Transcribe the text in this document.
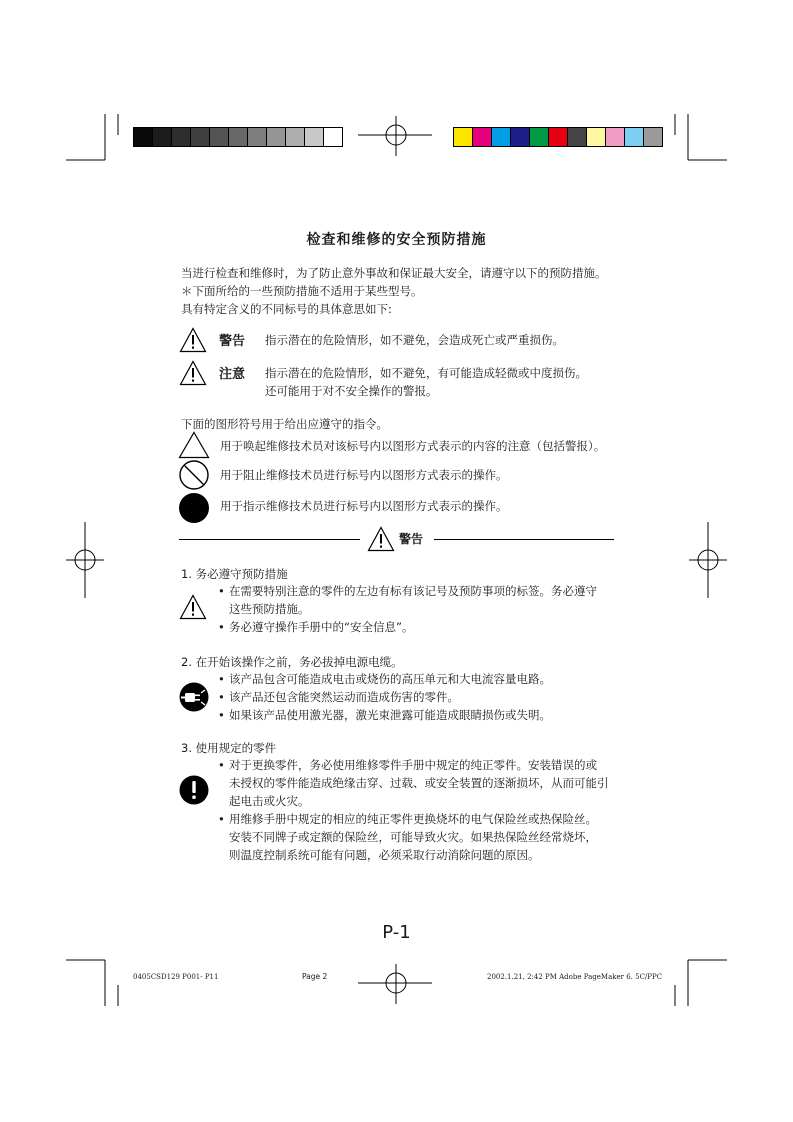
检查和维修的安全预防措施
当进行检查和维修时，为了防止意外事故和保证最大安全，请遵守以下的预防措施。
＊下面所给的一些预防措施不适用于某些型号。
具有特定含义的不同标号的具体意思如下:
警告 指示潜在的危险情形，如不避免，会造成死亡或严重损伤。
注意 指示潜在的危险情形，如不避免，有可能造成轻微或中度损伤。
还可能用于对不安全操作的警报。
下面的图形符号用于给出应遵守的指令。
用于唤起维修技术员对该标号内以图形方式表示的内容的注意（包括警报）。
用于阻止维修技术员进行标号内以图形方式表示的操作。
用于指示维修技术员进行标号内以图形方式表示的操作。
警告
1. 务必遵守预防措施
• 在需要特别注意的零件的左边有标有该记号及预防事项的标签。务必遵守
这些预防措施。
• 务必遵守操作手册中的“安全信息”。
2. 在开始该操作之前，务必拔掉电源电缆。
• 该产品包含可能造成电击或烧伤的高压单元和大电流容量电路。
• 该产品还包含能突然运动而造成伤害的零件。
• 如果该产品使用激光器，激光束泄露可能造成眼睛损伤或失明。
3. 使用规定的零件
• 对于更换零件，务必使用维修零件手册中规定的纯正零件。安装错误的或
未授权的零件能造成绝缘击穿、过载、或安全装置的逐渐损坏，从而可能引
起电击或火灾。
• 用维修手册中规定的相应的纯正零件更换烧坏的电气保险丝或热保险丝。
安装不同牌子或定额的保险丝，可能导致火灾。如果热保险丝经常烧坏，
则温度控制系统可能有问题，必须采取行动消除问题的原因。
P-1
0405CSD129 P001- P11	Page 2	2002.1.21, 2:42 PM Adobe PageMaker 6. 5C/PPC
